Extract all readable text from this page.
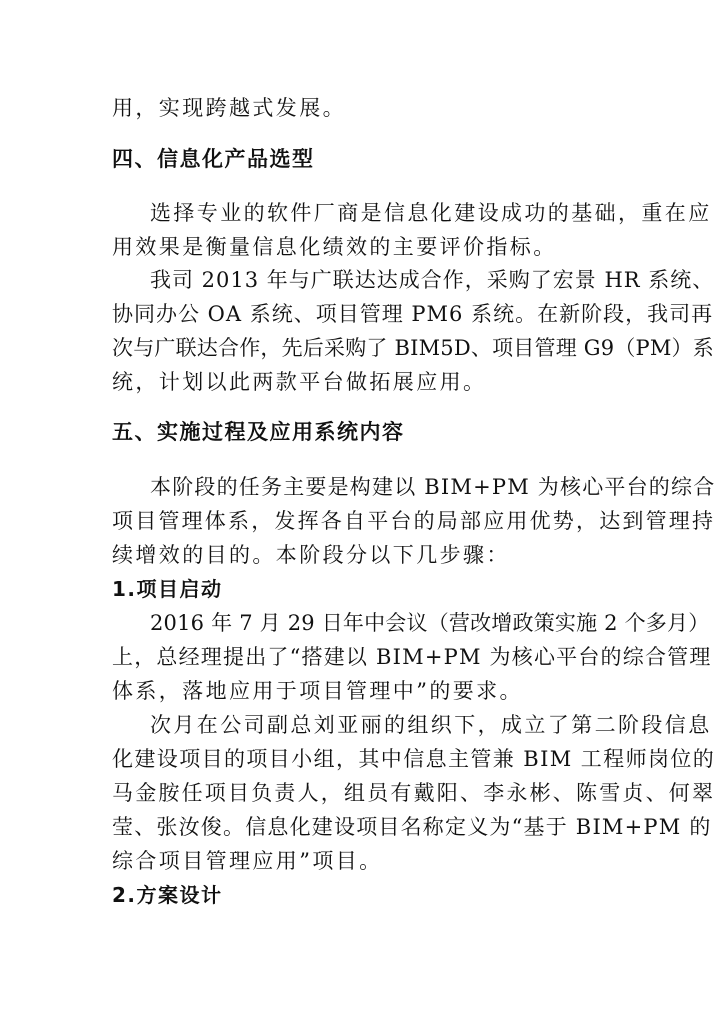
用，实现跨越式发展。
四、信息化产品选型
选择专业的软件厂商是信息化建设成功的基础，重在应
用效果是衡量信息化绩效的主要评价指标。
我司 2013 年与广联达达成合作，采购了宏景 HR 系统、
协同办公 OA 系统、项目管理 PM6 系统。在新阶段，我司再
次与广联达合作，先后采购了 BIM5D、项目管理 G9（PM）系
统，计划以此两款平台做拓展应用。
五、实施过程及应用系统内容
本阶段的任务主要是构建以 BIM+PM 为核心平台的综合
项目管理体系，发挥各自平台的局部应用优势，达到管理持
续增效的目的。本阶段分以下几步骤：
1.项目启动
2016 年 7 月 29 日年中会议（营改增政策实施 2 个多月）
上，总经理提出了“搭建以 BIM+PM 为核心平台的综合管理
体系，落地应用于项目管理中”的要求。
次月在公司副总刘亚丽的组织下，成立了第二阶段信息
化建设项目的项目小组，其中信息主管兼 BIM 工程师岗位的
马金胺任项目负责人，组员有戴阳、李永彬、陈雪贞、何翠
莹、张汝俊。信息化建设项目名称定义为“基于 BIM+PM 的
综合项目管理应用”项目。
2.方案设计
